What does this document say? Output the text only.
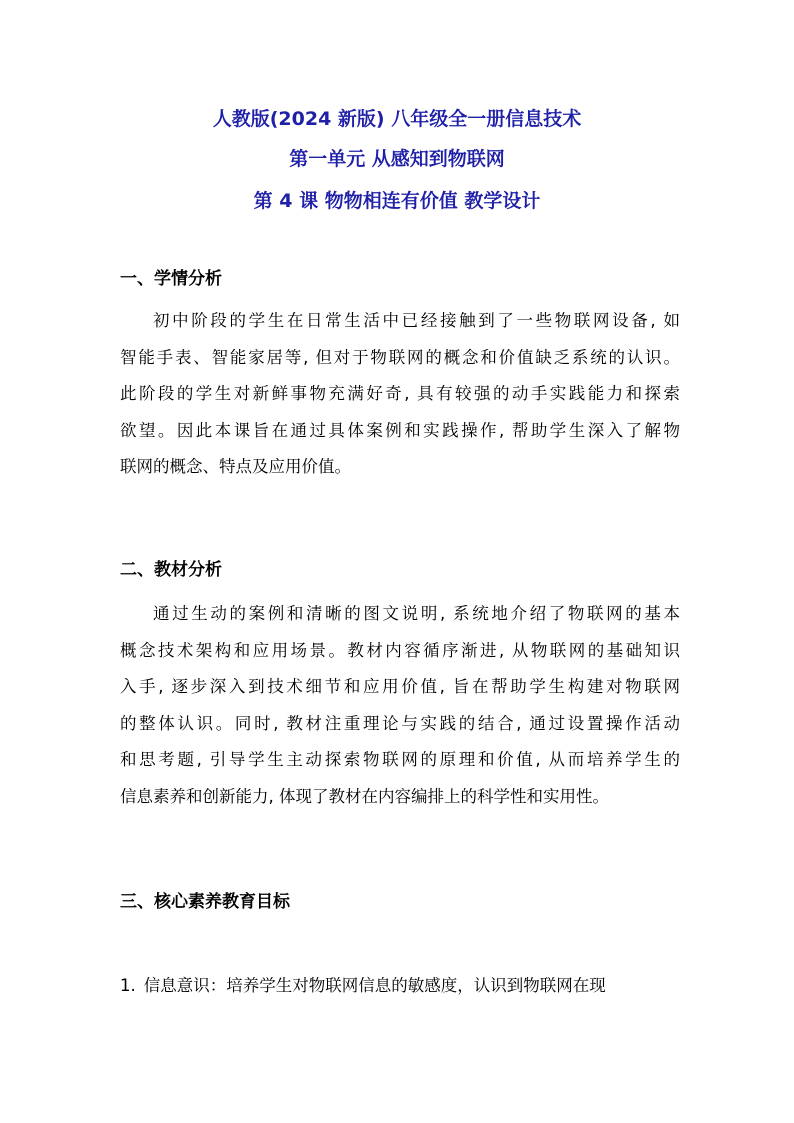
人教版(2024 新版) 八年级全一册信息技术
第一单元 从感知到物联网
第 4 课 物物相连有价值 教学设计
一、学情分析
初中阶段的学生在日常生活中已经接触到了一些物联网设备, 如
智能手表、智能家居等, 但对于物联网的概念和价值缺乏系统的认识。
此阶段的学生对新鲜事物充满好奇, 具有较强的动手实践能力和探索
欲望。因此本课旨在通过具体案例和实践操作, 帮助学生深入了解物
联网的概念、特点及应用价值。
二、教材分析
通过生动的案例和清晰的图文说明, 系统地介绍了物联网的基本
概念技术架构和应用场景。教材内容循序渐进, 从物联网的基础知识
入手, 逐步深入到技术细节和应用价值, 旨在帮助学生构建对物联网
的整体认识。同时, 教材注重理论与实践的结合, 通过设置操作活动
和思考题, 引导学生主动探索物联网的原理和价值, 从而培养学生的
信息素养和创新能力, 体现了教材在内容编排上的科学性和实用性。
三、核心素养教育目标
1. 信息意识：培养学生对物联网信息的敏感度，认识到物联网在现
